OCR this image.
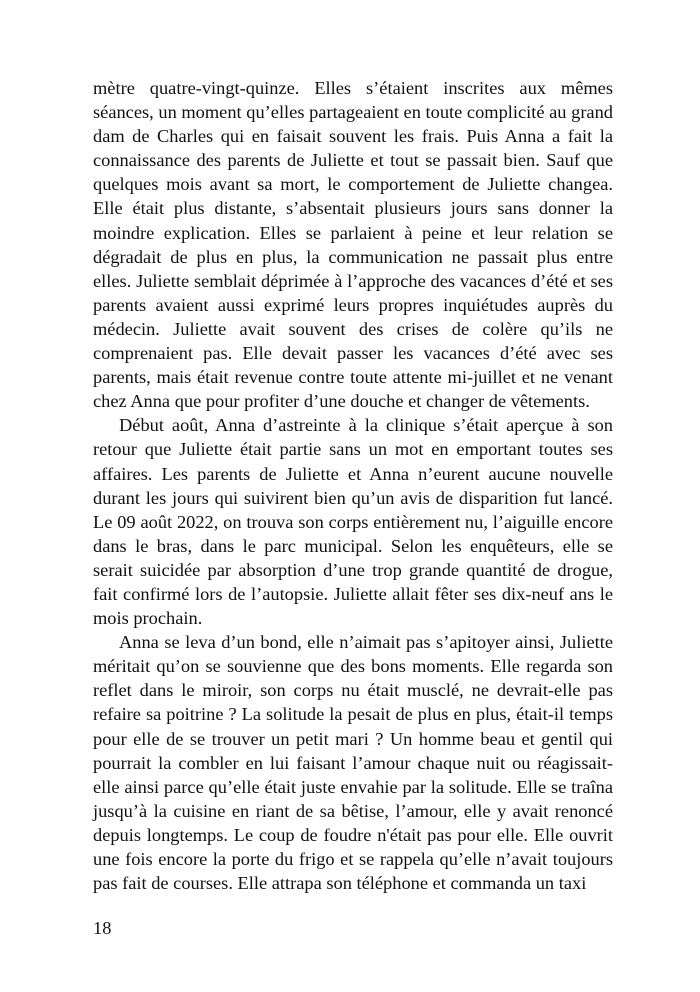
mètre quatre-vingt-quinze. Elles s’étaient inscrites aux mêmes séances, un moment qu’elles partageaient en toute complicité au grand dam de Charles qui en faisait souvent les frais. Puis Anna a fait la connaissance des parents de Juliette et tout se passait bien. Sauf que quelques mois avant sa mort, le comportement de Juliette changea. Elle était plus distante, s’absentait plusieurs jours sans donner la moindre explication. Elles se parlaient à peine et leur relation se dégradait de plus en plus, la communication ne passait plus entre elles. Juliette semblait déprimée à l’approche des vacances d’été et ses parents avaient aussi exprimé leurs propres inquiétudes auprès du médecin. Juliette avait souvent des crises de colère qu’ils ne comprenaient pas. Elle devait passer les vacances d’été avec ses parents, mais était revenue contre toute attente mi-juillet et ne venant chez Anna que pour profiter d’une douche et changer de vêtements.

Début août, Anna d’astreinte à la clinique s’était aperçue à son retour que Juliette était partie sans un mot en emportant toutes ses affaires. Les parents de Juliette et Anna n’eurent aucune nouvelle durant les jours qui suivirent bien qu’un avis de disparition fut lancé. Le 09 août 2022, on trouva son corps entièrement nu, l’aiguille encore dans le bras, dans le parc municipal. Selon les enquêteurs, elle se serait suicidée par absorption d’une trop grande quantité de drogue, fait confirmé lors de l’autopsie. Juliette allait fêter ses dix-neuf ans le mois prochain.

Anna se leva d’un bond, elle n’aimait pas s’apitoyer ainsi, Juliette méritait qu’on se souvienne que des bons moments. Elle regarda son reflet dans le miroir, son corps nu était musclé, ne devrait-elle pas refaire sa poitrine ? La solitude la pesait de plus en plus, était-il temps pour elle de se trouver un petit mari ? Un homme beau et gentil qui pourrait la combler en lui faisant l’amour chaque nuit ou réagissait-elle ainsi parce qu’elle était juste envahie par la solitude. Elle se traîna jusqu’à la cuisine en riant de sa bêtise, l’amour, elle y avait renoncé depuis longtemps. Le coup de foudre n'était pas pour elle. Elle ouvrit une fois encore la porte du frigo et se rappela qu’elle n’avait toujours pas fait de courses. Elle attrapa son téléphone et commanda un taxi

18
